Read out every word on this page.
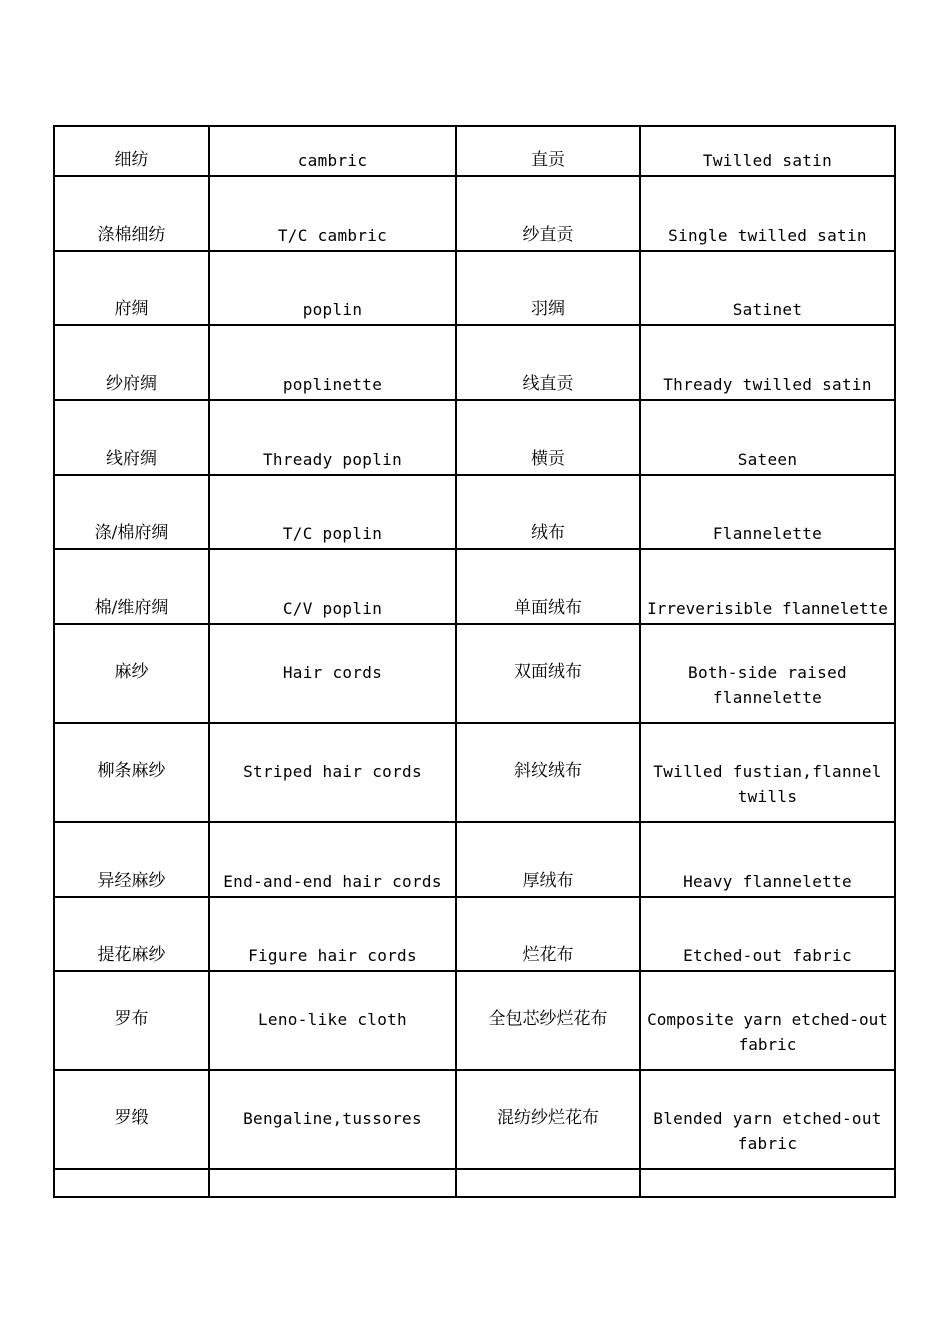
细纺	cambric	直贡	Twilled satin
涤棉细纺	T/C cambric	纱直贡	Single twilled satin
府绸	poplin	羽绸	Satinet
纱府绸	poplinette	线直贡	Thready twilled satin
线府绸	Thready poplin	横贡	Sateen
涤/棉府绸	T/C poplin	绒布	Flannelette
棉/维府绸	C/V poplin	单面绒布	Irreverisible flannelette
麻纱	Hair cords	双面绒布	Both-side raised flannelette
柳条麻纱	Striped hair cords	斜纹绒布	Twilled fustian,flannel twills
异经麻纱	End-and-end hair cords	厚绒布	Heavy flannelette
提花麻纱	Figure hair cords	烂花布	Etched-out fabric
罗布	Leno-like cloth	全包芯纱烂花布	Composite yarn etched-out fabric
罗缎	Bengaline,tussores	混纺纱烂花布	Blended yarn etched-out fabric
